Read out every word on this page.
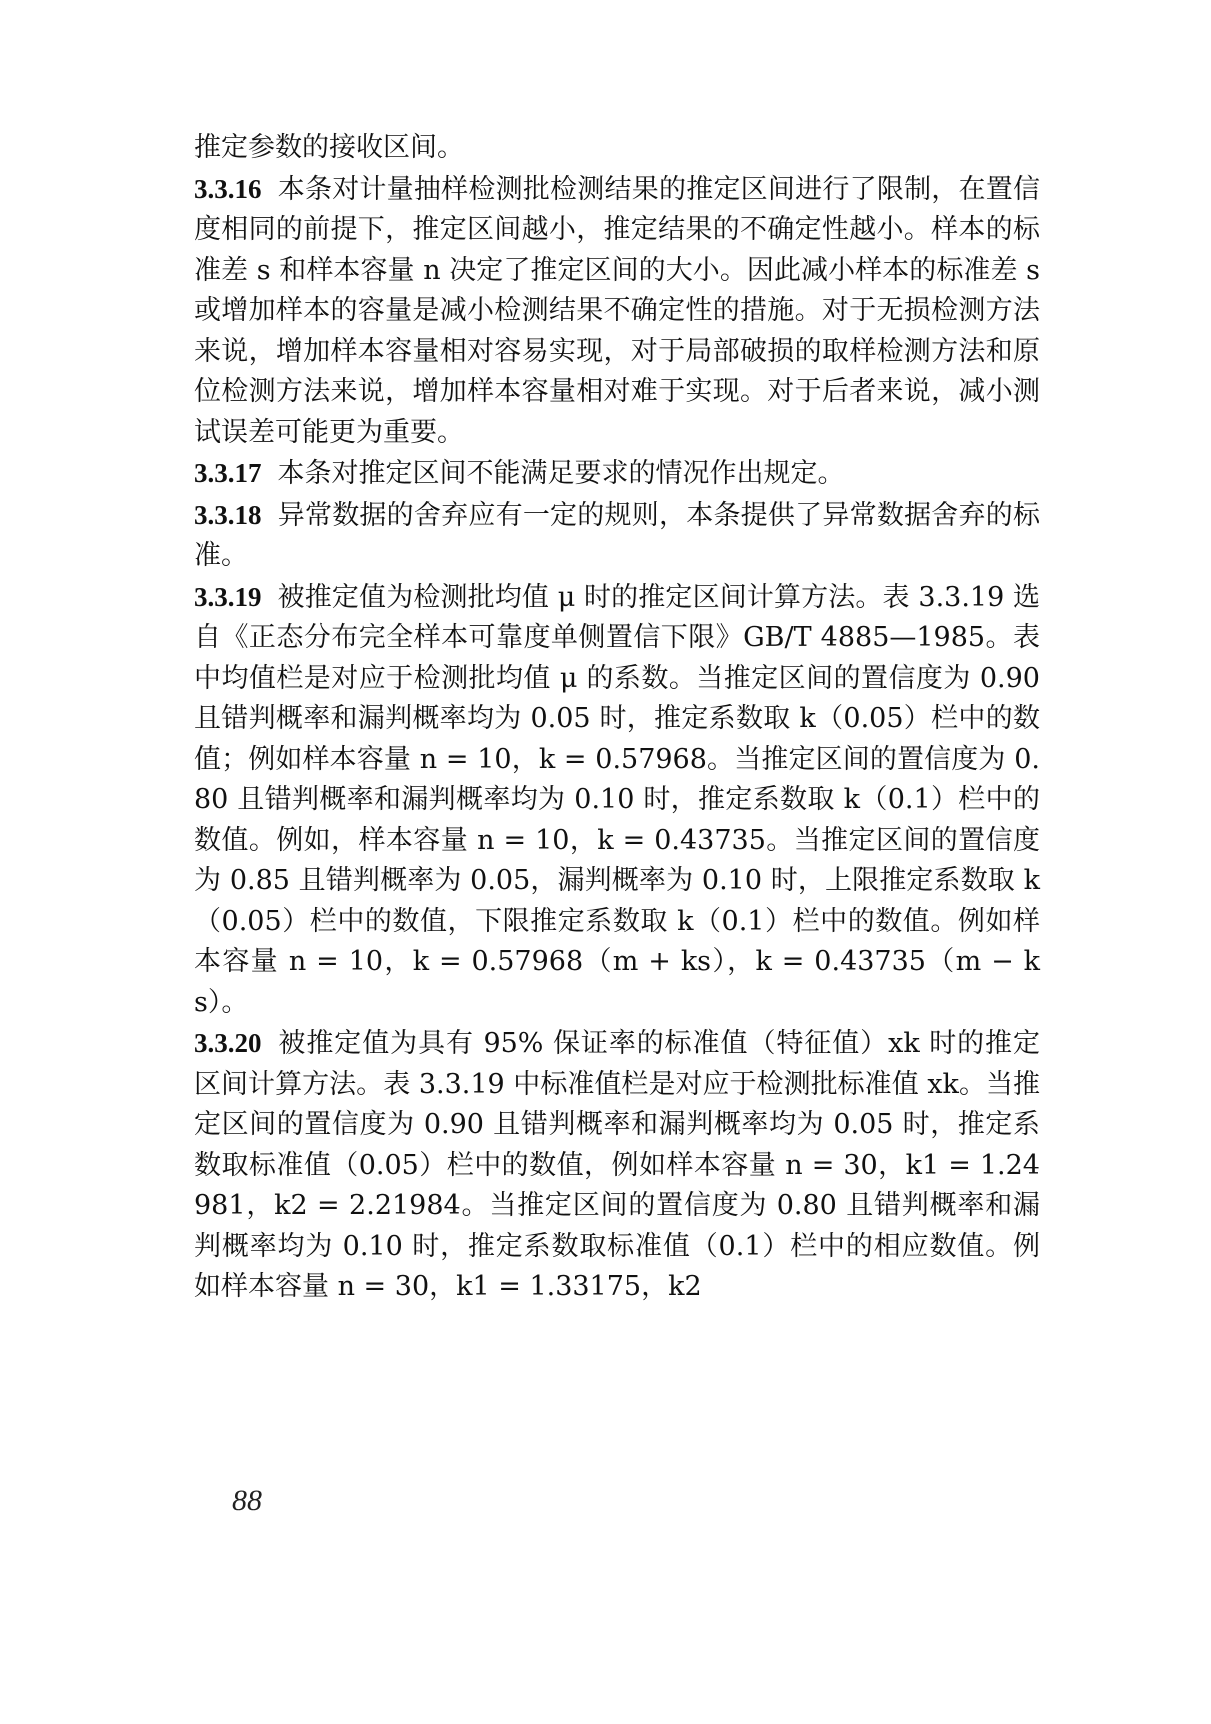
推定参数的接收区间。

3.3.16 本条对计量抽样检测批检测结果的推定区间进行了限制，在置信度相同的前提下，推定区间越小，推定结果的不确定性越小。样本的标准差 s 和样本容量 n 决定了推定区间的大小。因此减小样本的标准差 s 或增加样本的容量是减小检测结果不确定性的措施。对于无损检测方法来说，增加样本容量相对容易实现，对于局部破损的取样检测方法和原位检测方法来说，增加样本容量相对难于实现。对于后者来说，减小测试误差可能更为重要。

3.3.17 本条对推定区间不能满足要求的情况作出规定。

3.3.18 异常数据的舍弃应有一定的规则，本条提供了异常数据舍弃的标准。

3.3.19 被推定值为检测批均值 μ 时的推定区间计算方法。表 3.3.19 选自《正态分布完全样本可靠度单侧置信下限》GB/T 4885—1985。表中均值栏是对应于检测批均值 μ 的系数。当推定区间的置信度为 0.90 且错判概率和漏判概率均为 0.05 时，推定系数取 k（0.05）栏中的数值；例如样本容量 n = 10，k = 0.57968。当推定区间的置信度为 0.80 且错判概率和漏判概率均为 0.10 时，推定系数取 k（0.1）栏中的数值。例如，样本容量 n = 10，k = 0.43735。当推定区间的置信度为 0.85 且错判概率为 0.05，漏判概率为 0.10 时，上限推定系数取 k（0.05）栏中的数值，下限推定系数取 k（0.1）栏中的数值。例如样本容量 n = 10，k = 0.57968（m + ks），k = 0.43735（m − ks）。

3.3.20 被推定值为具有 95% 保证率的标准值（特征值）xk 时的推定区间计算方法。表 3.3.19 中标准值栏是对应于检测批标准值 xk。当推定区间的置信度为 0.90 且错判概率和漏判概率均为 0.05 时，推定系数取标准值（0.05）栏中的数值，例如样本容量 n = 30，k1 = 1.24981，k2 = 2.21984。当推定区间的置信度为 0.80 且错判概率和漏判概率均为 0.10 时，推定系数取标准值（0.1）栏中的相应数值。例如样本容量 n = 30，k1 = 1.33175，k2

88
